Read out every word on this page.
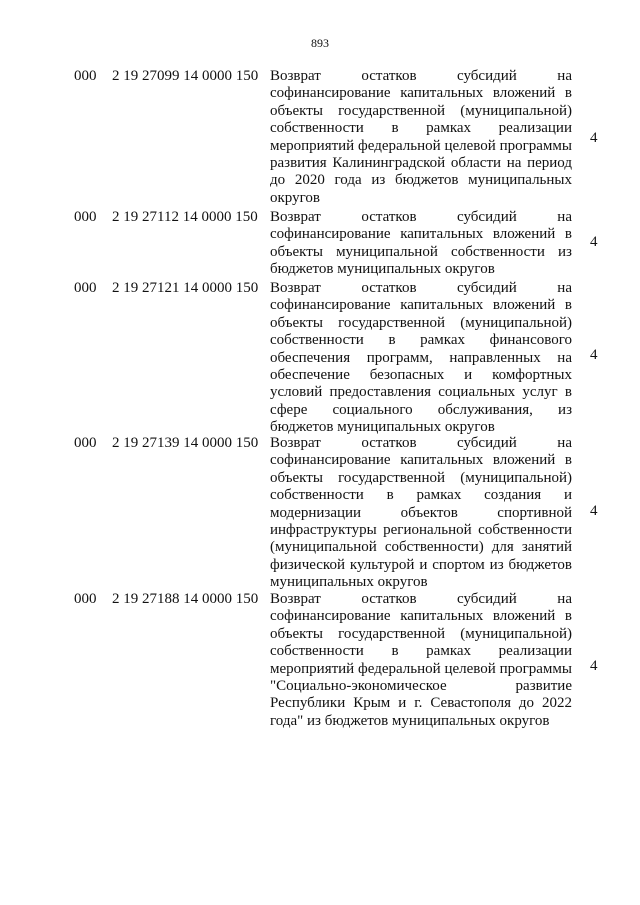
893
000 2 19 27099 14 0000 150 Возврат остатков субсидий на софинансирование капитальных вложений в объекты государственной (муниципальной) собственности в рамках реализации мероприятий федеральной целевой программы развития Калининградской области на период до 2020 года из бюджетов муниципальных округов
4
000 2 19 27112 14 0000 150 Возврат остатков субсидий на софинансирование капитальных вложений в объекты муниципальной собственности из бюджетов муниципальных округов
4
000 2 19 27121 14 0000 150 Возврат остатков субсидий на софинансирование капитальных вложений в объекты государственной (муниципальной) собственности в рамках финансового обеспечения программ, направленных на обеспечение безопасных и комфортных условий предоставления социальных услуг в сфере социального обслуживания, из бюджетов муниципальных округов
4
000 2 19 27139 14 0000 150 Возврат остатков субсидий на софинансирование капитальных вложений в объекты государственной (муниципальной) собственности в рамках создания и модернизации объектов спортивной инфраструктуры региональной собственности (муниципальной собственности) для занятий физической культурой и спортом из бюджетов муниципальных округов
4
000 2 19 27188 14 0000 150 Возврат остатков субсидий на софинансирование капитальных вложений в объекты государственной (муниципальной) собственности в рамках реализации мероприятий федеральной целевой программы "Социально-экономическое развитие Республики Крым и г. Севастополя до 2022 года" из бюджетов муниципальных округов
4
